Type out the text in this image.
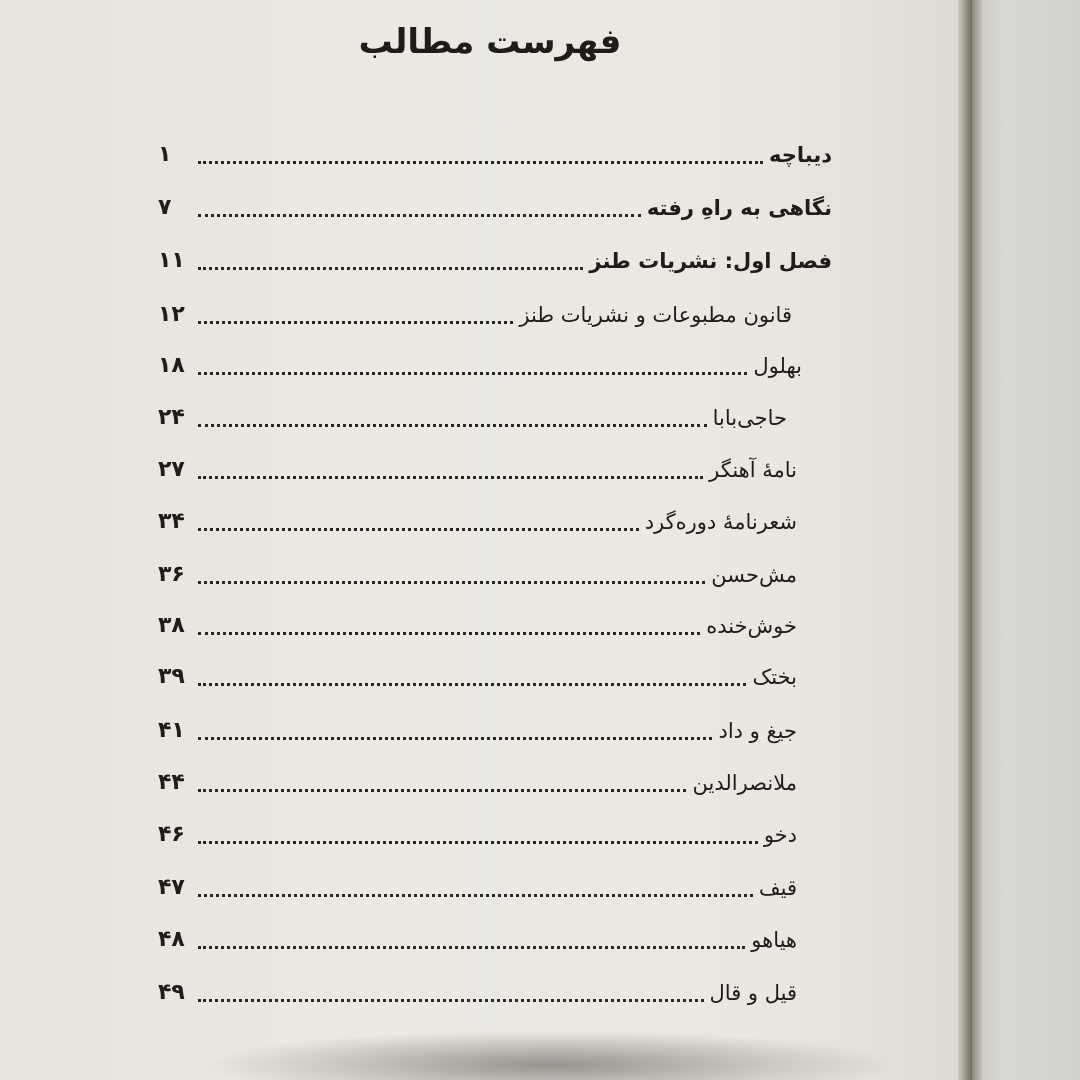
فهرست مطالب
دیباچه
۱
نگاهی به راهِ رفته
۷
فصل اول: نشریات طنز
۱۱
قانون مطبوعات و نشریات طنز
۱۲
بهلول
۱۸
حاجی‌بابا
۲۴
نامهٔ آهنگر
۲۷
شعرنامهٔ دوره‌گرد
۳۴
مش‌حسن
۳۶
خوش‌خنده
۳۸
بختک
۳۹
جیغ و داد
۴۱
ملانصرالدین
۴۴
دخو
۴۶
قیف
۴۷
هیاهو
۴۸
قیل و قال
۴۹
